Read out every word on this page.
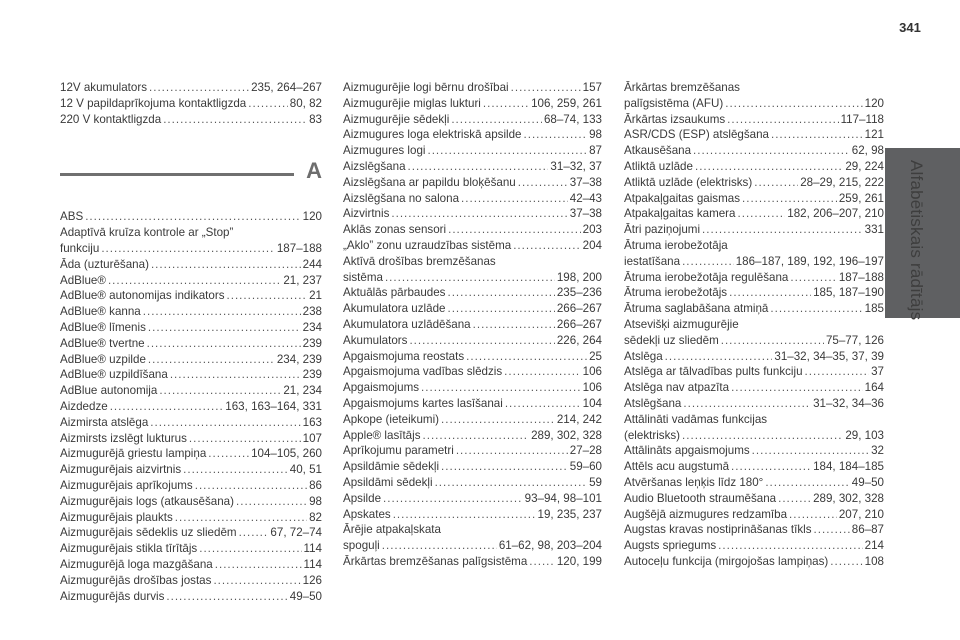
341
Alfabētiskais rādītājs
12V akumulators .....	235, 264–267
12 V papildaprīkojuma kontaktligzda .....	80, 82
220 V kontaktligzda .....	83
A
ABS .....	120
Adaptīvā kruīza kontrole ar „Stop”
funkciju .....	187–188
Āda (uzturēšana) .....	244
AdBlue® .....	21, 237
AdBlue® autonomijas indikators .....	21
AdBlue® kanna .....	238
AdBlue® līmenis .....	234
AdBlue® tvertne .....	239
AdBlue® uzpilde .....	234, 239
AdBlue® uzpildīšana .....	239
AdBlue autonomija .....	21, 234
Aizdedze .....	163, 163–164, 331
Aizmirsta atslēga .....	163
Aizmirsts izslēgt lukturus .....	107
Aizmugurējā griestu lampiņa .....	104–105, 260
Aizmugurējais aizvirtnis .....	40, 51
Aizmugurējais aprīkojums .....	86
Aizmugurējais logs (atkausēšana) .....	98
Aizmugurējais plaukts .....	82
Aizmugurējais sēdeklis uz sliedēm .....	67, 72–74
Aizmugurējais stikla tīrītājs .....	114
Aizmugurējā loga mazgāšana .....	114
Aizmugurējās drošības jostas .....	126
Aizmugurējās durvis .....	49–50
Aizmugurējie logi bērnu drošībai .....	157
Aizmugurējie miglas lukturi .....	106, 259, 261
Aizmugurējie sēdekļi .....	68–74, 133
Aizmugures loga elektriskā apsilde .....	98
Aizmugures logi .....	87
Aizslēgšana .....	31–32, 37
Aizslēgšana ar papildu bloķēšanu .....	37–38
Aizslēgšana no salona .....	42–43
Aizvirtnis .....	37–38
Aklās zonas sensori .....	203
„Aklo” zonu uzraudzības sistēma .....	204
Aktīvā drošības bremzēšanas
sistēma .....	198, 200
Aktuālās pārbaudes .....	235–236
Akumulatora uzlāde .....	266–267
Akumulatora uzlādēšana .....	266–267
Akumulators .....	226, 264
Apgaismojuma reostats .....	25
Apgaismojuma vadības slēdzis .....	106
Apgaismojums .....	106
Apgaismojums kartes lasīšanai .....	104
Apkope (ieteikumi) .....	214, 242
Apple® lasītājs .....	289, 302, 328
Aprīkojumu parametri .....	27–28
Apsildāmie sēdekļi .....	59–60
Apsildāmi sēdekļi .....	59
Apsilde .....	93–94, 98–101
Apskates .....	19, 235, 237
Ārējie atpakaļskata
spoguļi .....	61–62, 98, 203–204
Ārkārtas bremzēšanas palīgsistēma .....	120, 199
Ārkārtas bremzēšanas
palīgsistēma (AFU) .....	120
Ārkārtas izsaukums .....	117–118
ASR/CDS (ESP) atslēgšana .....	121
Atkausēšana .....	62, 98
Atliktā uzlāde .....	29, 224
Atliktā uzlāde (elektrisks) .....	28–29, 215, 222
Atpakaļgaitas gaismas .....	259, 261
Atpakaļgaitas kamera .....	182, 206–207, 210
Ātri paziņojumi .....	331
Ātruma ierobežotāja
iestatīšana .....	186–187, 189, 192, 196–197
Ātruma ierobežotāja regulēšana .....	187–188
Ātruma ierobežotājs .....	185, 187–190
Ātruma saglabāšana atmiņā .....	185
Atsevišķi aizmugurējie
sēdekļi uz sliedēm .....	75–77, 126
Atslēga .....	31–32, 34–35, 37, 39
Atslēga ar tālvadības pults funkciju .....	37
Atslēga nav atpazīta .....	164
Atslēgšana .....	31–32, 34–36
Attālināti vadāmas funkcijas
(elektrisks) .....	29, 103
Attālināts apgaismojums .....	32
Attēls acu augstumā .....	184, 184–185
Atvēršanas leņķis līdz 180° .....	49–50
Audio Bluetooth straumēšana .....	289, 302, 328
Augšējā aizmugures redzamība .....	207, 210
Augstas kravas nostiprināšanas tīkls .....	86–87
Augsts spriegums .....	214
Autoceļu funkcija (mirgojošas lampiņas) .....	108
